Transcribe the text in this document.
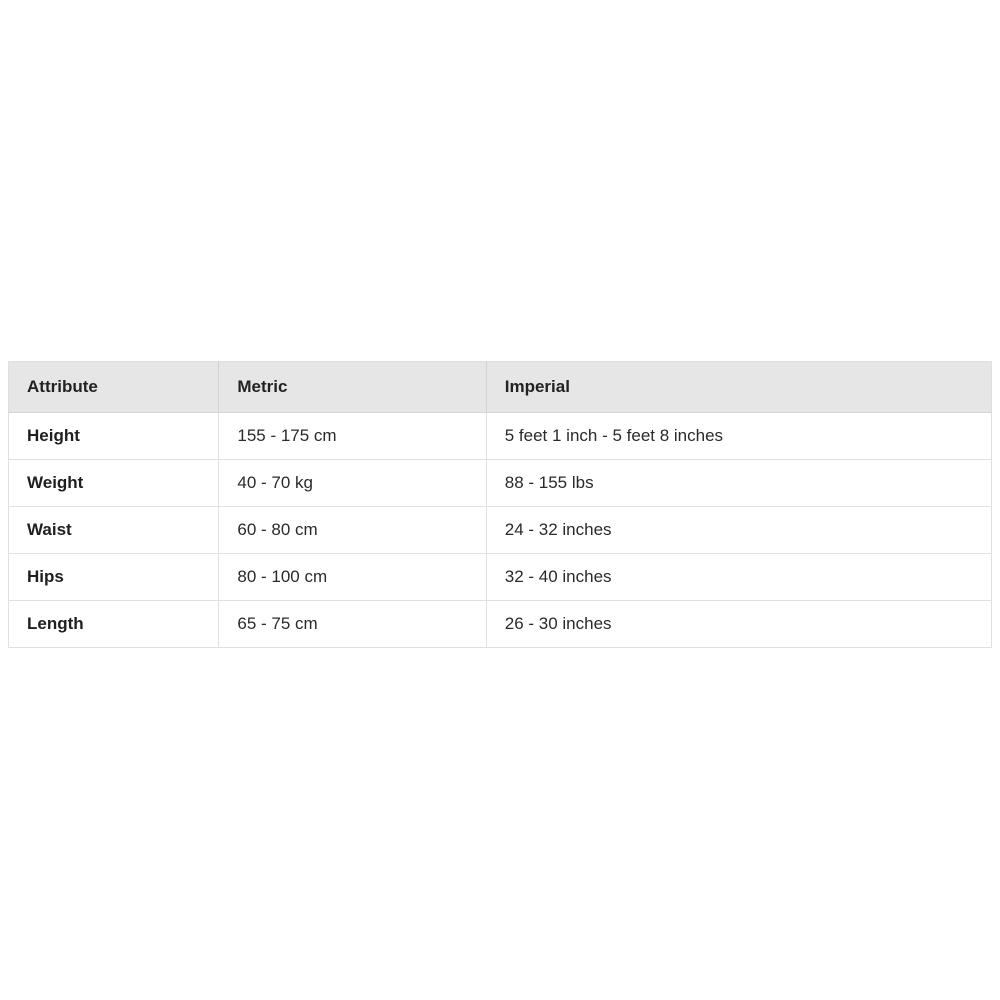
Attribute	Metric	Imperial
Height	155 - 175 cm	5 feet 1 inch - 5 feet 8 inches
Weight	40 - 70 kg	88 - 155 lbs
Waist	60 - 80 cm	24 - 32 inches
Hips	80 - 100 cm	32 - 40 inches
Length	65 - 75 cm	26 - 30 inches
